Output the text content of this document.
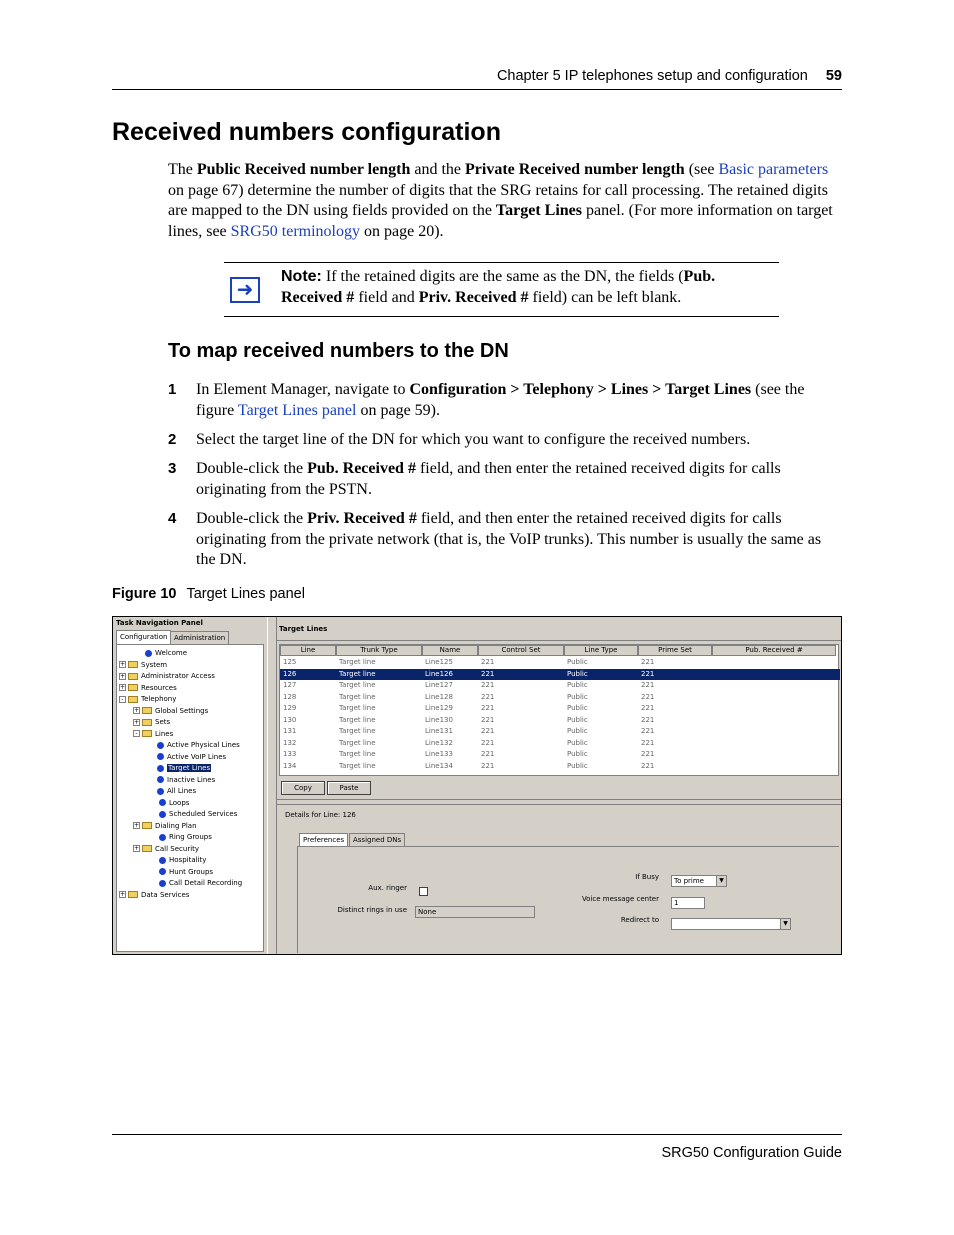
Chapter 5 IP telephones setup and configuration 59
Received numbers configuration
The Public Received number length and the Private Received number length (see Basic parameters on page 67) determine the number of digits that the SRG retains for call processing. The retained digits are mapped to the DN using fields provided on the Target Lines panel. (For more information on target lines, see SRG50 terminology on page 20).
➜
Note: If the retained digits are the same as the DN, the fields (Pub. Received # field and Priv. Received # field) can be left blank.
To map received numbers to the DN
1 In Element Manager, navigate to Configuration > Telephony > Lines > Target Lines (see the figure Target Lines panel on page 59).
2 Select the target line of the DN for which you want to configure the received numbers.
3 Double-click the Pub. Received # field, and then enter the retained received digits for calls originating from the PSTN.
4 Double-click the Priv. Received # field, and then enter the retained received digits for calls originating from the private network (that is, the VoIP trunks). This number is usually the same as the DN.
Figure 10 Target Lines panel
Task Navigation Panel
Configuration Administration
Welcome
+ System
+ Administrator Access
+ Resources
- Telephony
+ Global Settings
+ Sets
- Lines
Active Physical Lines
Active VoIP Lines
Target Lines
Inactive Lines
All Lines
Loops
Scheduled Services
+ Dialing Plan
Ring Groups
+ Call Security
Hospitality
Hunt Groups
Call Detail Recording
+ Data Services
Target Lines
Line	Trunk Type	Name	Control Set	Line Type	Prime Set	Pub. Received #
125	Target line	Line125	221	Public	221
126	Target line	Line126	221	Public	221
127	Target line	Line127	221	Public	221
128	Target line	Line128	221	Public	221
129	Target line	Line129	221	Public	221
130	Target line	Line130	221	Public	221
131	Target line	Line131	221	Public	221
132	Target line	Line132	221	Public	221
133	Target line	Line133	221	Public	221
134	Target line	Line134	221	Public	221
Copy	Paste
Details for Line: 126
Preferences	Assigned DNs
Aux. ringer
Distinct rings in use	None
If Busy	To prime	▼
Voice message center	1
Redirect to	▼
SRG50 Configuration Guide
